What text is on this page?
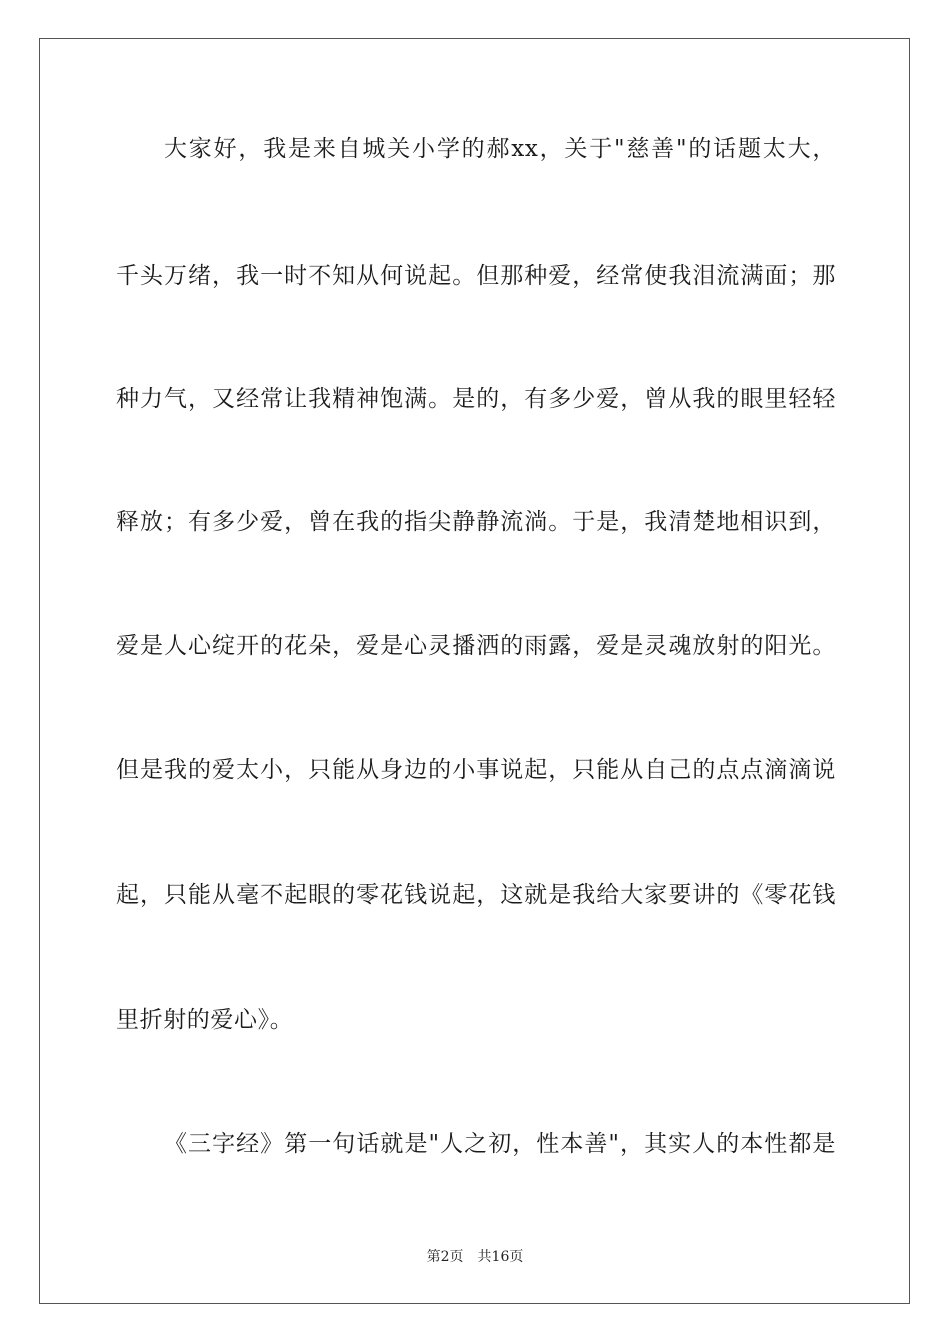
大家好，我是来自城关小学的郝xx，关于"慈善"的话题太大，
千头万绪，我一时不知从何说起。但那种爱，经常使我泪流满面；那
种力气，又经常让我精神饱满。是的，有多少爱，曾从我的眼里轻轻
释放；有多少爱，曾在我的指尖静静流淌。于是，我清楚地相识到，
爱是人心绽开的花朵，爱是心灵播洒的雨露，爱是灵魂放射的阳光。
但是我的爱太小，只能从身边的小事说起，只能从自己的点点滴滴说
起，只能从毫不起眼的零花钱说起，这就是我给大家要讲的《零花钱
里折射的爱心》。
《三字经》第一句话就是"人之初，性本善"，其实人的本性都是
第2页 共16页
